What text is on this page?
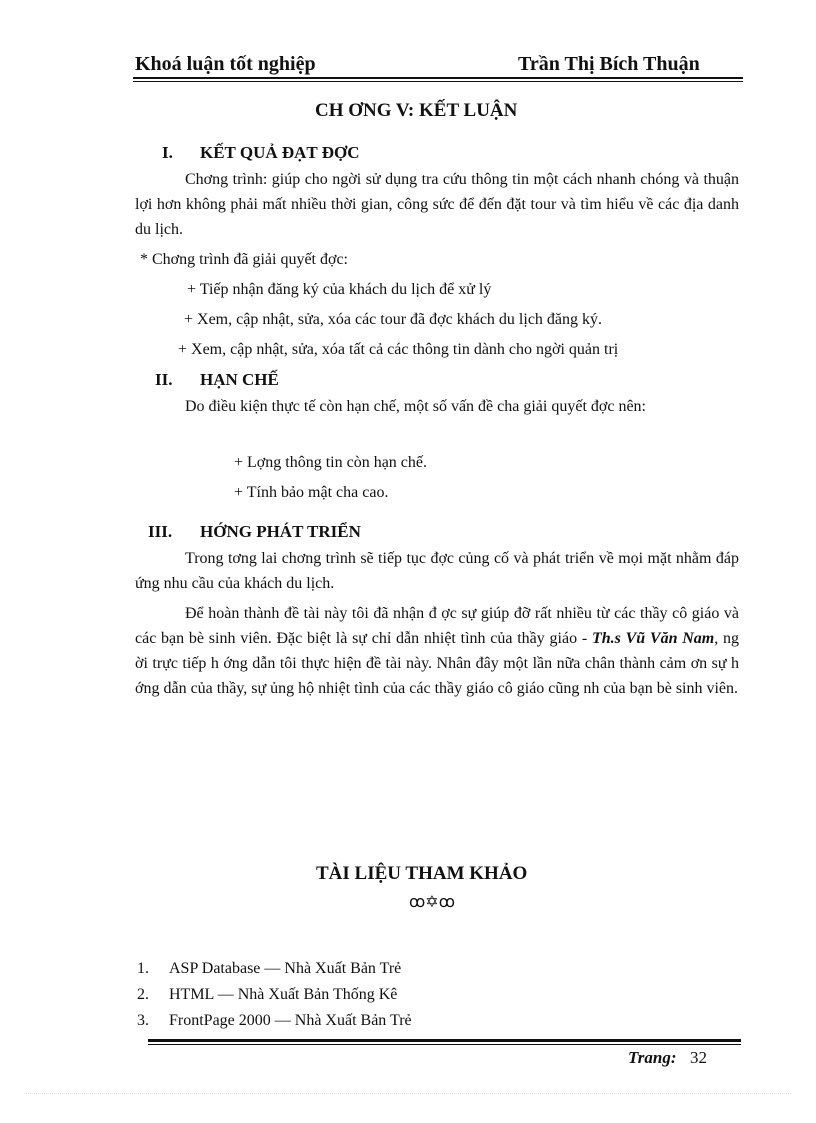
Khoá luận tốt nghiệp	Trần Thị Bích Thuận
CH ƠNG V: KẾT LUẬN
I. KẾT QUẢ ĐẠT ĐỢC
Chơng trình: giúp cho ngời sử dụng tra cứu thông tin một cách nhanh chóng và thuận lợi hơn không phải mất nhiều thời gian, công sức để đến đặt tour và tìm hiểu về các địa danh du lịch.
* Chơng trình đã giải quyết đợc:
+ Tiếp nhận đăng ký của khách du lịch để xử lý
+ Xem, cập nhật, sửa, xóa các tour đã đợc khách du lịch đăng ký.
+ Xem, cập nhật, sửa, xóa tất cả các thông tin dành cho ngời quản trị
II. HẠN CHẾ
Do điều kiện thực tế còn hạn chế, một số vấn đề cha giải quyết đợc nên:
+ Lợng thông tin còn hạn chế.
+ Tính bảo mật cha cao.
III. HỚNG PHÁT TRIỂN
Trong tơng lai chơng trình sẽ tiếp tục đợc củng cố và phát triển về mọi mặt nhằm đáp ứng nhu cầu của khách du lịch.
Để hoàn thành đề tài này tôi đã nhận đ ợc sự giúp đỡ rất nhiều từ các thầy cô giáo và các bạn bè sinh viên. Đặc biệt là sự chỉ dẫn nhiệt tình của thầy giáo - Th.s Vũ Văn Nam, ng ời trực tiếp h ớng dẫn tôi thực hiện đề tài này. Nhân đây một lần nữa chân thành cảm ơn sự h ớng dẫn của thầy, sự ủng hộ nhiệt tình của các thầy giáo cô giáo cũng nh của bạn bè sinh viên.
TÀI LIỆU THAM KHẢO
ꝏ✡ꝏ
1. ASP Database — Nhà Xuất Bản Trẻ
2. HTML — Nhà Xuất Bản Thống Kê
3. FrontPage 2000 — Nhà Xuất Bản Trẻ
Trang: 32
